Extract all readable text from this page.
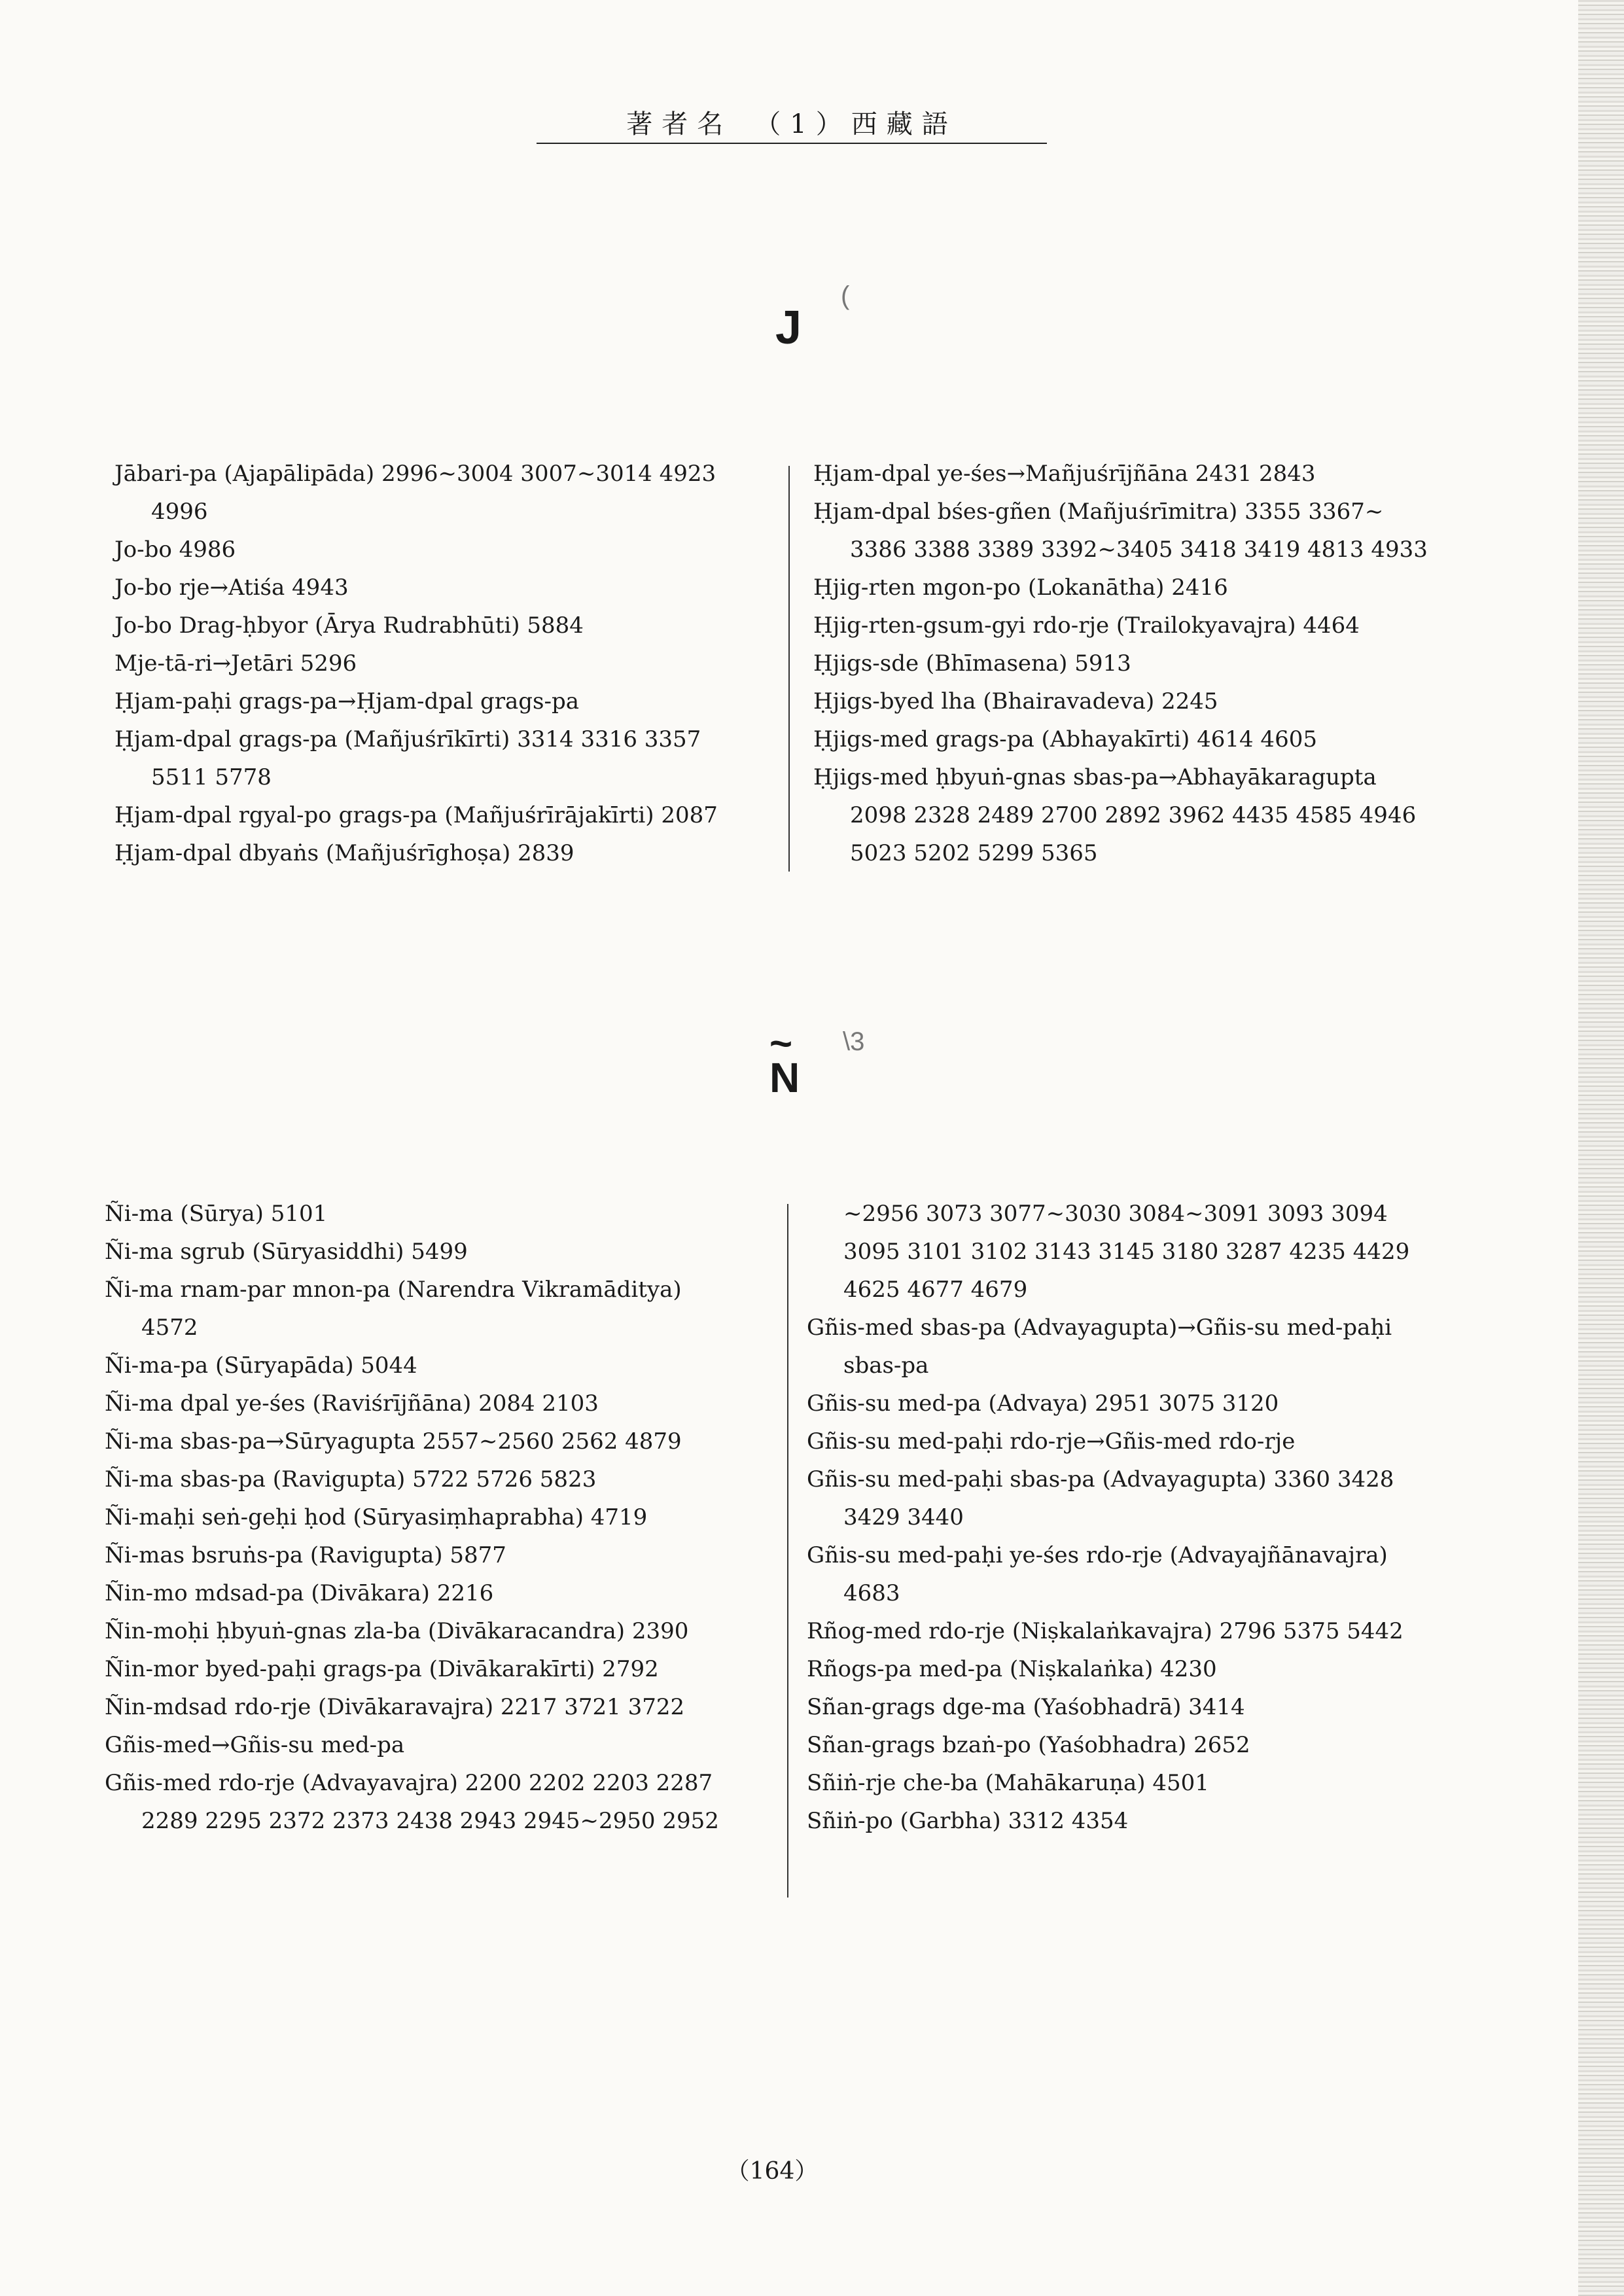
著者名　（1）西藏語
J
(
Jābari-pa (Ajapālipāda) 2996∼3004 3007∼3014 4923
4996
Jo-bo 4986
Jo-bo rje→Atiśa 4943
Jo-bo Drag-ḥbyor (Ārya Rudrabhūti) 5884
Mje-tā-ri→Jetāri 5296
Ḥjam-paḥi grags-pa→Ḥjam-dpal grags-pa
Ḥjam-dpal grags-pa (Mañjuśrīkīrti) 3314 3316 3357
5511 5778
Ḥjam-dpal rgyal-po grags-pa (Mañjuśrīrājakīrti) 2087
Ḥjam-dpal dbyaṅs (Mañjuśrīghoṣa) 2839
Ḥjam-dpal ye-śes→Mañjuśrījñāna 2431 2843
Ḥjam-dpal bśes-gñen (Mañjuśrīmitra) 3355 3367∼
3386 3388 3389 3392∼3405 3418 3419 4813 4933
Ḥjig-rten mgon-po (Lokanātha) 2416
Ḥjig-rten-gsum-gyi rdo-rje (Trailokyavajra) 4464
Ḥjigs-sde (Bhīmasena) 5913
Ḥjigs-byed lha (Bhairavadeva) 2245
Ḥjigs-med grags-pa (Abhayakīrti) 4614 4605
Ḥjigs-med ḥbyuṅ-gnas sbas-pa→Abhayākaragupta
2098 2328 2489 2700 2892 3962 4435 4585 4946
5023 5202 5299 5365
~
N
\3
Ñi-ma (Sūrya) 5101
Ñi-ma sgrub (Sūryasiddhi) 5499
Ñi-ma rnam-par mnon-pa (Narendra Vikramāditya)
4572
Ñi-ma-pa (Sūryapāda) 5044
Ñi-ma dpal ye-śes (Raviśrījñāna) 2084 2103
Ñi-ma sbas-pa→Sūryagupta 2557∼2560 2562 4879
Ñi-ma sbas-pa (Ravigupta) 5722 5726 5823
Ñi-maḥi seṅ-geḥi ḥod (Sūryasiṃhaprabha) 4719
Ñi-mas bsruṅs-pa (Ravigupta) 5877
Ñin-mo mdsad-pa (Divākara) 2216
Ñin-moḥi ḥbyuṅ-gnas zla-ba (Divākaracandra) 2390
Ñin-mor byed-paḥi grags-pa (Divākarakīrti) 2792
Ñin-mdsad rdo-rje (Divākaravajra) 2217 3721 3722
Gñis-med→Gñis-su med-pa
Gñis-med rdo-rje (Advayavajra) 2200 2202 2203 2287
2289 2295 2372 2373 2438 2943 2945∼2950 2952
∼2956 3073 3077∼3030 3084∼3091 3093 3094
3095 3101 3102 3143 3145 3180 3287 4235 4429
4625 4677 4679
Gñis-med sbas-pa (Advayagupta)→Gñis-su med-paḥi
sbas-pa
Gñis-su med-pa (Advaya) 2951 3075 3120
Gñis-su med-paḥi rdo-rje→Gñis-med rdo-rje
Gñis-su med-paḥi sbas-pa (Advayagupta) 3360 3428
3429 3440
Gñis-su med-paḥi ye-śes rdo-rje (Advayajñānavajra)
4683
Rñog-med rdo-rje (Niṣkalaṅkavajra) 2796 5375 5442
Rñogs-pa med-pa (Niṣkalaṅka) 4230
Sñan-grags dge-ma (Yaśobhadrā) 3414
Sñan-grags bzaṅ-po (Yaśobhadra) 2652
Sñiṅ-rje che-ba (Mahākaruṇa) 4501
Sñiṅ-po (Garbha) 3312 4354
（164）
